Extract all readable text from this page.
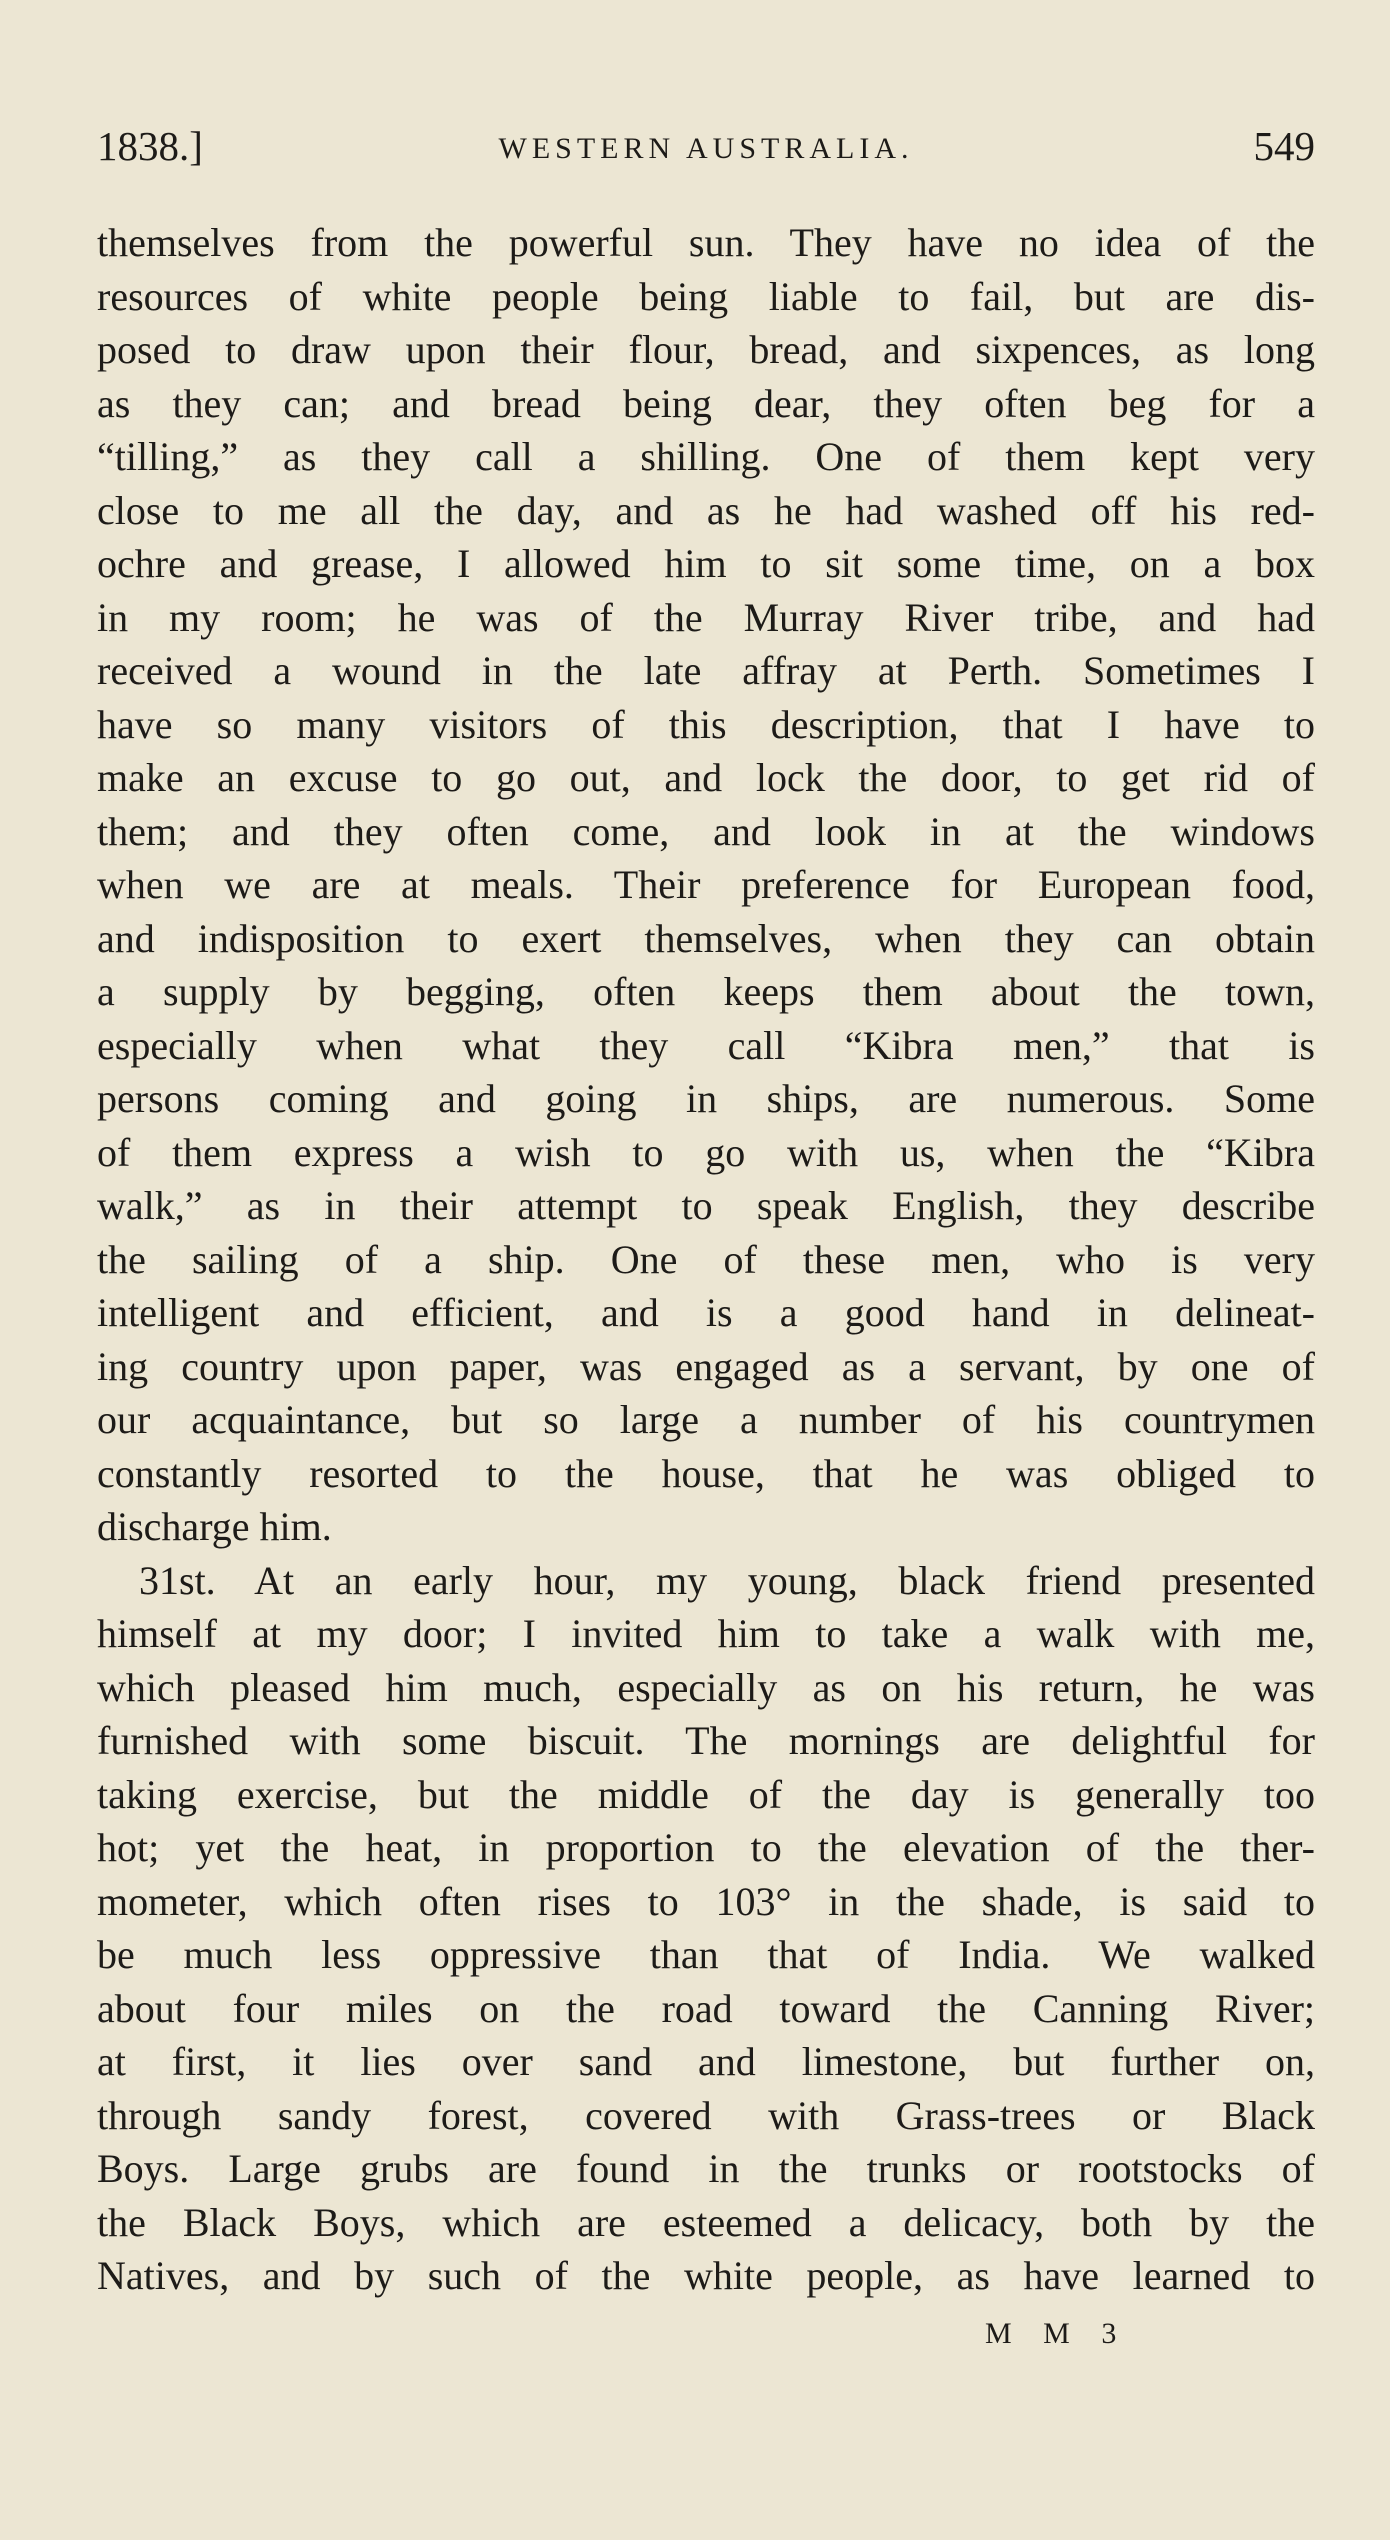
1838.]	WESTERN AUSTRALIA.	549
themselves from the powerful sun. They have no idea of the
resources of white people being liable to fail, but are dis-
posed to draw upon their flour, bread, and sixpences, as long
as they can; and bread being dear, they often beg for a
“tilling,” as they call a shilling. One of them kept very
close to me all the day, and as he had washed off his red-
ochre and grease, I allowed him to sit some time, on a box
in my room; he was of the Murray River tribe, and had
received a wound in the late affray at Perth. Sometimes I
have so many visitors of this description, that I have to
make an excuse to go out, and lock the door, to get rid of
them; and they often come, and look in at the windows
when we are at meals. Their preference for European food,
and indisposition to exert themselves, when they can obtain
a supply by begging, often keeps them about the town,
especially when what they call “Kibra men,” that is
persons coming and going in ships, are numerous. Some
of them express a wish to go with us, when the “Kibra
walk,” as in their attempt to speak English, they describe
the sailing of a ship. One of these men, who is very
intelligent and efficient, and is a good hand in delineat-
ing country upon paper, was engaged as a servant, by one of
our acquaintance, but so large a number of his countrymen
constantly resorted to the house, that he was obliged to
discharge him.
31st. At an early hour, my young, black friend presented
himself at my door; I invited him to take a walk with me,
which pleased him much, especially as on his return, he was
furnished with some biscuit. The mornings are delightful for
taking exercise, but the middle of the day is generally too
hot; yet the heat, in proportion to the elevation of the ther-
mometer, which often rises to 103° in the shade, is said to
be much less oppressive than that of India. We walked
about four miles on the road toward the Canning River;
at first, it lies over sand and limestone, but further on,
through sandy forest, covered with Grass-trees or Black
Boys. Large grubs are found in the trunks or rootstocks of
the Black Boys, which are esteemed a delicacy, both by the
Natives, and by such of the white people, as have learned to
M M 3
